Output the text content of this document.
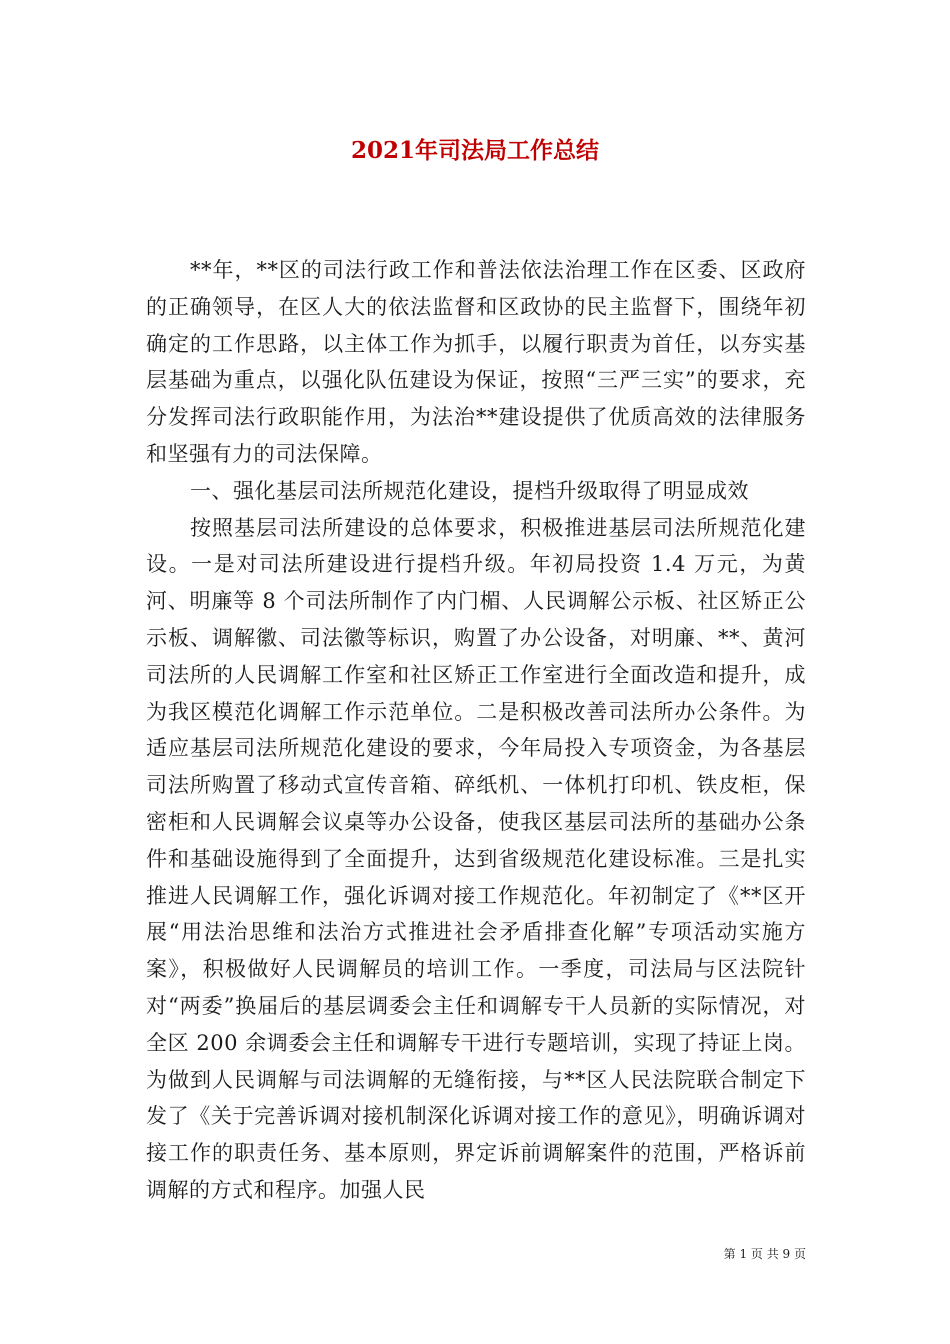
2021年司法局工作总结

**年，**区的司法行政工作和普法依法治理工作在区委、区政府的正确领导，在区人大的依法监督和区政协的民主监督下，围绕年初确定的工作思路，以主体工作为抓手，以履行职责为首任，以夯实基层基础为重点，以强化队伍建设为保证，按照“三严三实”的要求，充分发挥司法行政职能作用，为法治**建设提供了优质高效的法律服务和坚强有力的司法保障。

一、强化基层司法所规范化建设，提档升级取得了明显成效

按照基层司法所建设的总体要求，积极推进基层司法所规范化建设。一是对司法所建设进行提档升级。年初局投资 1.4 万元，为黄河、明廉等 8 个司法所制作了内门楣、人民调解公示板、社区矫正公示板、调解徽、司法徽等标识，购置了办公设备，对明廉、**、黄河司法所的人民调解工作室和社区矫正工作室进行全面改造和提升，成为我区模范化调解工作示范单位。二是积极改善司法所办公条件。为适应基层司法所规范化建设的要求，今年局投入专项资金，为各基层司法所购置了移动式宣传音箱、碎纸机、一体机打印机、铁皮柜，保密柜和人民调解会议桌等办公设备，使我区基层司法所的基础办公条件和基础设施得到了全面提升，达到省级规范化建设标准。三是扎实推进人民调解工作，强化诉调对接工作规范化。年初制定了《**区开展“用法治思维和法治方式推进社会矛盾排查化解”专项活动实施方案》，积极做好人民调解员的培训工作。一季度，司法局与区法院针对“两委”换届后的基层调委会主任和调解专干人员新的实际情况，对全区 200 余调委会主任和调解专干进行专题培训，实现了持证上岗。为做到人民调解与司法调解的无缝衔接，与**区人民法院联合制定下发了《关于完善诉调对接机制深化诉调对接工作的意见》，明确诉调对接工作的职责任务、基本原则，界定诉前调解案件的范围，严格诉前调解的方式和程序。加强人民

第 1 页 共 9 页
